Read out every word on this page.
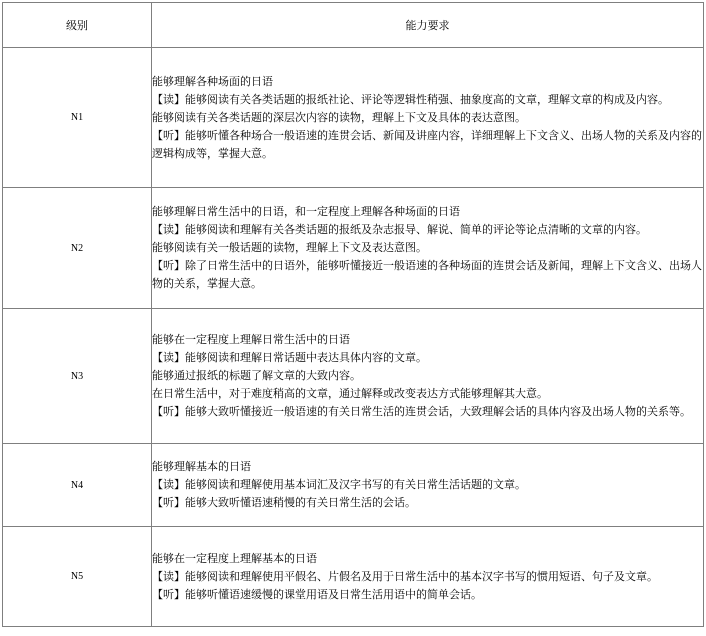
级别	能力要求
N1	能够理解各种场面的日语

【读】能够阅读有关各类话题的报纸社论、评论等逻辑性稍强、抽象度高的文章，理解文章的构成及内容。

能够阅读有关各类话题的深层次内容的读物，理解上下文及具体的表达意图。

【听】能够听懂各种场合一般语速的连贯会话、新闻及讲座内容，详细理解上下文含义、出场人物的关系及内容的逻辑构成等，掌握大意。

N2	能够理解日常生活中的日语，和一定程度上理解各种场面的日语

【读】能够阅读和理解有关各类话题的报纸及杂志报导、解说、简单的评论等论点清晰的文章的内容。

能够阅读有关一般话题的读物，理解上下文及表达意图。

【听】除了日常生活中的日语外，能够听懂接近一般语速的各种场面的连贯会话及新闻，理解上下文含义、出场人物的关系，掌握大意。

N3	能够在一定程度上理解日常生活中的日语

【读】能够阅读和理解日常话题中表达具体内容的文章。

能够通过报纸的标题了解文章的大致内容。

在日常生活中，对于难度稍高的文章，通过解释或改变表达方式能够理解其大意。

【听】能够大致听懂接近一般语速的有关日常生活的连贯会话，大致理解会话的具体内容及出场人物的关系等。

N4	能够理解基本的日语

【读】能够阅读和理解使用基本词汇及汉字书写的有关日常生活话题的文章。

【听】能够大致听懂语速稍慢的有关日常生活的会话。

N5	能够在一定程度上理解基本的日语

【读】能够阅读和理解使用平假名、片假名及用于日常生活中的基本汉字书写的惯用短语、句子及文章。

【听】能够听懂语速缓慢的课堂用语及日常生活用语中的简单会话。
